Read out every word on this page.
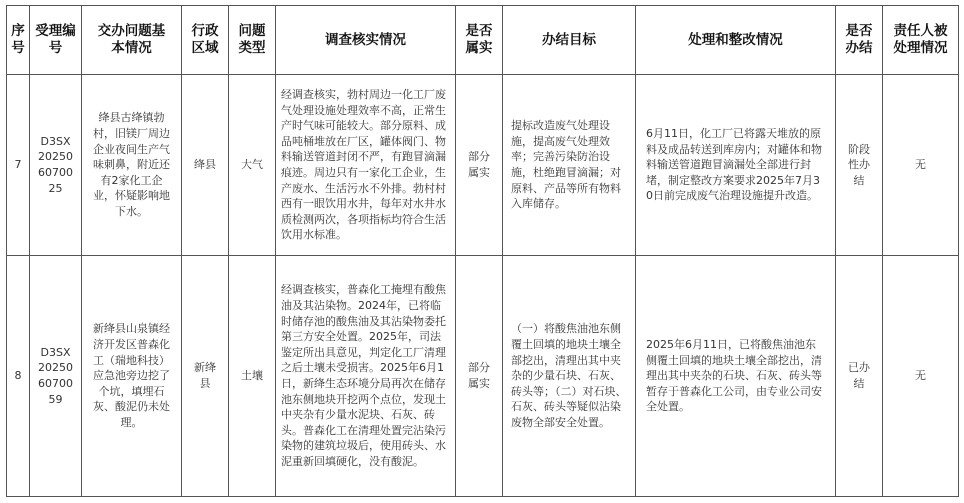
序号	受理编号	交办问题基本情况	行政区域	问题类型	调查核实情况	是否属实	办结目标	处理和整改情况	是否办结	责任人被处理情况
7	D3SX202506070025	绛县古绛镇勃村，旧镁厂周边企业夜间生产气味刺鼻，附近还有2家化工企业，怀疑影响地下水。	绛县	大气	经调查核实，勃村周边一化工厂废气处理设施处理效率不高，正常生产时气味可能较大。部分原料、成品吨桶堆放在厂区，罐体阀门、物料输送管道封闭不严，有跑冒滴漏痕迹。周边只有一家化工企业，生产废水、生活污水不外排。勃村村西有一眼饮用水井，每年对水井水质检测两次，各项指标均符合生活饮用水标准。	部分属实	提标改造废气处理设施，提高废气处理效率；完善污染防治设施，杜绝跑冒滴漏；对原料、产品等所有物料入库储存。	6月11日，化工厂已将露天堆放的原料及成品转送到库房内；对罐体和物料输送管道跑冒滴漏处全部进行封堵，制定整改方案要求2025年7月30日前完成废气治理设施提升改造。	阶段性办结	无
8	D3SX202506070059	新绛县山泉镇经济开发区普森化工（瑞地科技）应急池旁边挖了个坑，填埋石灰、酸泥仍未处理。	新绛县	土壤	经调查核实，普森化工掩埋有酸焦油及其沾染物。2024年，已将临时储存池的酸焦油及其沾染物委托第三方安全处置。2025年，司法鉴定所出具意见，判定化工厂清理之后土壤未受损害。2025年6月1日，新绛生态环境分局再次在储存池东侧地块开挖两个点位，发现土中夹杂有少量水泥块、石灰、砖头。普森化工在清理处置完沾染污染物的建筑垃圾后，使用砖头、水泥重新回填硬化，没有酸泥。	部分属实	（一）将酸焦油池东侧覆土回填的地块土壤全部挖出，清理出其中夹杂的少量石块、石灰、砖头等；（二）对石块、石灰、砖头等疑似沾染废物全部安全处置。	2025年6月11日，已将酸焦油池东侧覆土回填的地块土壤全部挖出，清理出其中夹杂的石块、石灰、砖头等暂存于普森化工公司，由专业公司安全处置。	已办结	无
